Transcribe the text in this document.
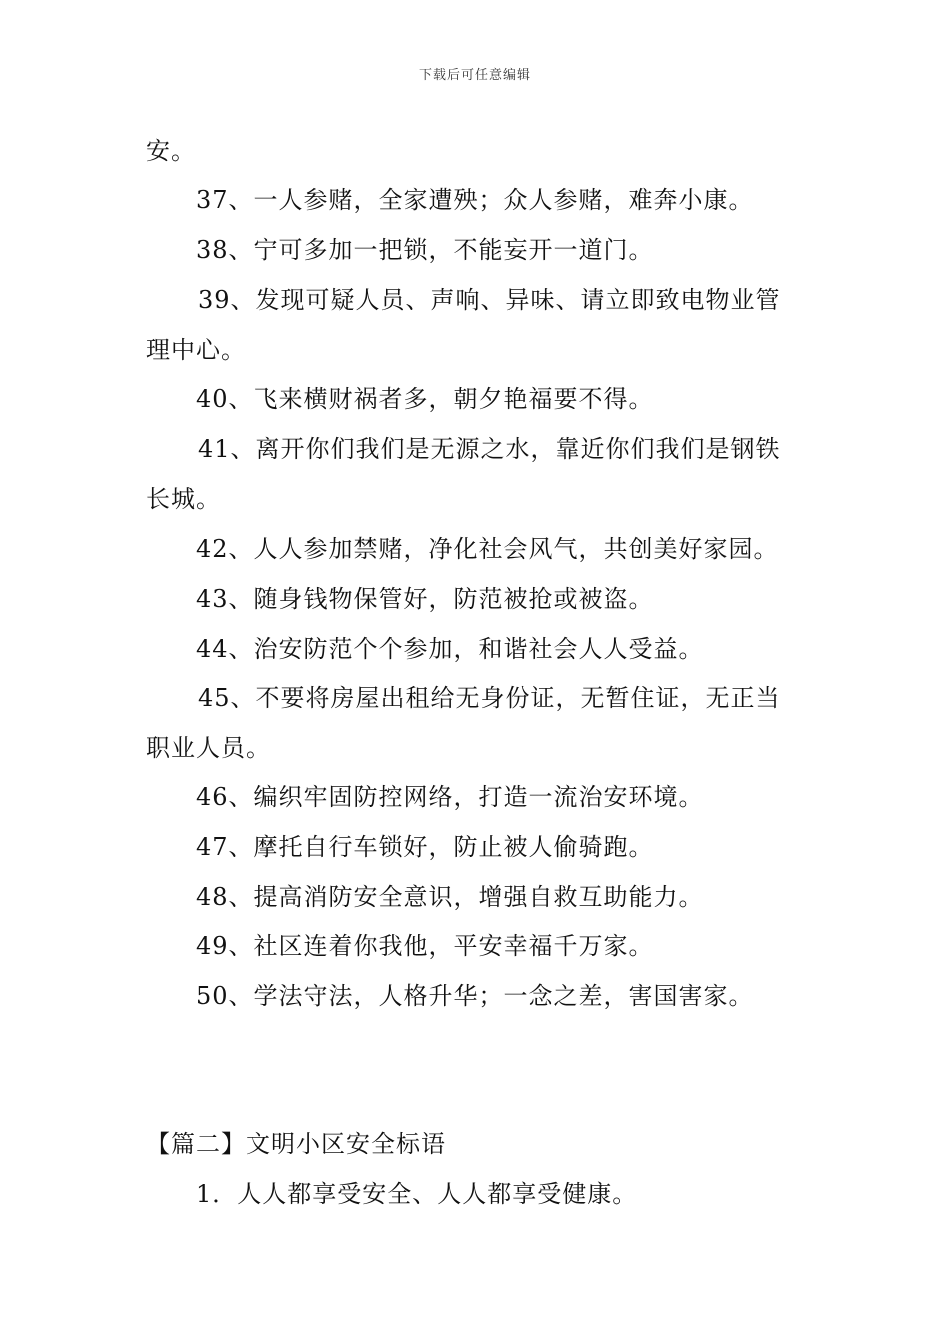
下载后可任意编辑
安。
37、一人参赌，全家遭殃；众人参赌，难奔小康。
38、宁可多加一把锁，不能妄开一道门。
39、发现可疑人员、声响、异味、请立即致电物业管
理中心。
40、飞来横财祸者多，朝夕艳福要不得。
41、离开你们我们是无源之水，靠近你们我们是钢铁
长城。
42、人人参加禁赌，净化社会风气，共创美好家园。
43、随身钱物保管好，防范被抢或被盗。
44、治安防范个个参加，和谐社会人人受益。
45、不要将房屋出租给无身份证，无暂住证，无正当
职业人员。
46、编织牢固防控网络，打造一流治安环境。
47、摩托自行车锁好，防止被人偷骑跑。
48、提高消防安全意识，增强自救互助能力。
49、社区连着你我他，平安幸福千万家。
50、学法守法，人格升华；一念之差，害国害家。
【篇二】文明小区安全标语
1．人人都享受安全、人人都享受健康。
